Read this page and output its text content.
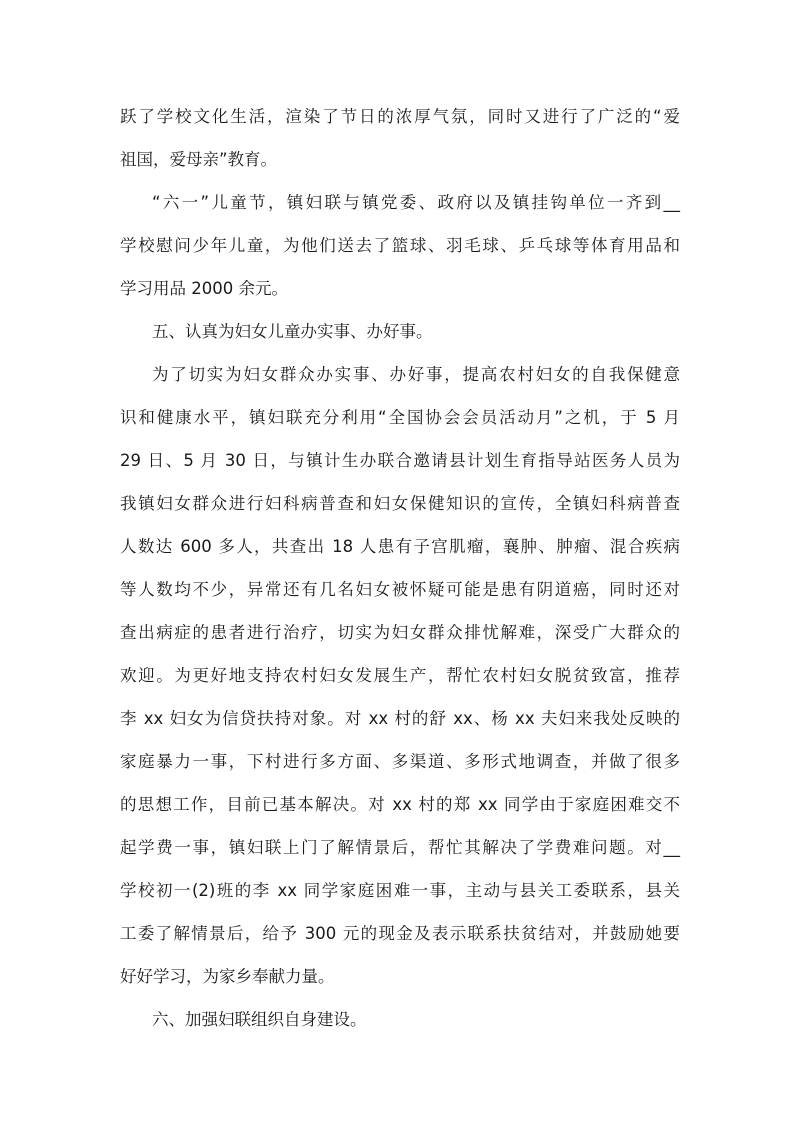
跃了学校文化生活，渲染了节日的浓厚气氛，同时又进行了广泛的“爱

祖国，爱母亲”教育。

“六一”儿童节，镇妇联与镇党委、政府以及镇挂钩单位一齐到__

学校慰问少年儿童，为他们送去了篮球、羽毛球、乒乓球等体育用品和

学习用品 2000 余元。

五、认真为妇女儿童办实事、办好事。

为了切实为妇女群众办实事、办好事，提高农村妇女的自我保健意

识和健康水平，镇妇联充分利用“全国协会会员活动月”之机，于 5 月

29 日、5 月 30 日，与镇计生办联合邀请县计划生育指导站医务人员为

我镇妇女群众进行妇科病普查和妇女保健知识的宣传，全镇妇科病普查

人数达 600 多人，共查出 18 人患有子宫肌瘤，襄肿、肿瘤、混合疾病

等人数均不少，异常还有几名妇女被怀疑可能是患有阴道癌，同时还对

查出病症的患者进行治疗，切实为妇女群众排忧解难，深受广大群众的

欢迎。为更好地支持农村妇女发展生产，帮忙农村妇女脱贫致富，推荐

李 xx 妇女为信贷扶持对象。对 xx 村的舒 xx、杨 xx 夫妇来我处反映的

家庭暴力一事，下村进行多方面、多渠道、多形式地调查，并做了很多

的思想工作，目前已基本解决。对 xx 村的郑 xx 同学由于家庭困难交不

起学费一事，镇妇联上门了解情景后，帮忙其解决了学费难问题。对__

学校初一(2)班的李 xx 同学家庭困难一事，主动与县关工委联系，县关

工委了解情景后，给予 300 元的现金及表示联系扶贫结对，并鼓励她要

好好学习，为家乡奉献力量。

六、加强妇联组织自身建设。
